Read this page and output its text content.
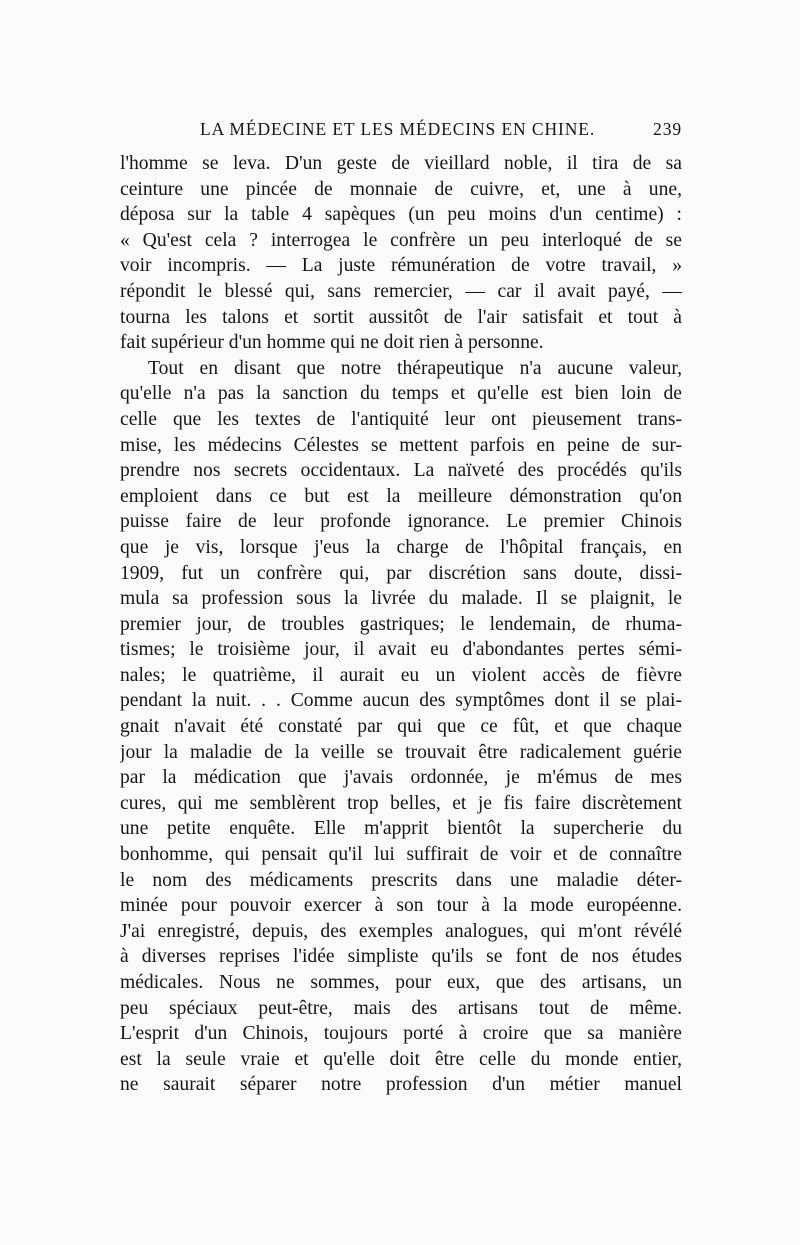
LA MÉDECINE ET LES MÉDECINS EN CHINE.	239
l'homme se leva. D'un geste de vieillard noble, il tira de sa
ceinture une pincée de monnaie de cuivre, et, une à une,
déposa sur la table 4 sapèques (un peu moins d'un centime) :
« Qu'est cela ? interrogea le confrère un peu interloqué de se
voir incompris. — La juste rémunération de votre travail, »
répondit le blessé qui, sans remercier, — car il avait payé, —
tourna les talons et sortit aussitôt de l'air satisfait et tout à
fait supérieur d'un homme qui ne doit rien à personne.
Tout en disant que notre thérapeutique n'a aucune valeur,
qu'elle n'a pas la sanction du temps et qu'elle est bien loin de
celle que les textes de l'antiquité leur ont pieusement trans-
mise, les médecins Célestes se mettent parfois en peine de sur-
prendre nos secrets occidentaux. La naïveté des procédés qu'ils
emploient dans ce but est la meilleure démonstration qu'on
puisse faire de leur profonde ignorance. Le premier Chinois
que je vis, lorsque j'eus la charge de l'hôpital français, en
1909, fut un confrère qui, par discrétion sans doute, dissi-
mula sa profession sous la livrée du malade. Il se plaignit, le
premier jour, de troubles gastriques; le lendemain, de rhuma-
tismes; le troisième jour, il avait eu d'abondantes pertes sémi-
nales; le quatrième, il aurait eu un violent accès de fièvre
pendant la nuit. . . Comme aucun des symptômes dont il se plai-
gnait n'avait été constaté par qui que ce fût, et que chaque
jour la maladie de la veille se trouvait être radicalement guérie
par la médication que j'avais ordonnée, je m'émus de mes
cures, qui me semblèrent trop belles, et je fis faire discrètement
une petite enquête. Elle m'apprit bientôt la supercherie du
bonhomme, qui pensait qu'il lui suffirait de voir et de connaître
le nom des médicaments prescrits dans une maladie déter-
minée pour pouvoir exercer à son tour à la mode européenne.
J'ai enregistré, depuis, des exemples analogues, qui m'ont révélé
à diverses reprises l'idée simpliste qu'ils se font de nos études
médicales. Nous ne sommes, pour eux, que des artisans, un
peu spéciaux peut-être, mais des artisans tout de même.
L'esprit d'un Chinois, toujours porté à croire que sa manière
est la seule vraie et qu'elle doit être celle du monde entier,
ne saurait séparer notre profession d'un métier manuel
